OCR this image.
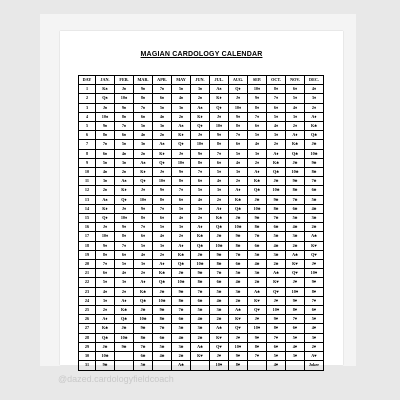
MAGIAN CARDOLOGY CALENDAR
DAY	JAN.	FEB.	MAR.	APR.	MAY	JUN.	JUL.	AUG.	SEP.	OCT.	NOV.	DEC.
1	K♠	J♠	9♠	7♠	5♠	3♠	A♠	Q♦	10♦	8♦	6♦	4♦
2	Q♠	10♠	8♠	6♠	4♠	2♠	K♦	J♦	9♦	7♦	5♦	3♦
3	J♠	9♠	7♠	5♠	3♠	A♠	Q♦	10♦	8♦	6♦	4♦	2♦
4	10♠	8♠	6♠	4♠	2♠	K♦	J♦	9♦	7♦	5♦	3♦	A♦
5	9♠	7♠	5♠	3♠	A♠	Q♦	10♦	8♦	6♦	4♦	2♦	K♣
6	8♠	6♠	4♠	2♠	K♦	J♦	9♦	7♦	5♦	3♦	A♦	Q♣
7	7♠	5♠	3♠	A♠	Q♦	10♦	8♦	6♦	4♦	2♦	K♣	J♣
8	6♠	4♠	2♠	K♦	J♦	9♦	7♦	5♦	3♦	A♦	Q♣	10♣
9	5♠	3♠	A♠	Q♦	10♦	8♦	6♦	4♦	2♦	K♣	J♣	9♣
10	4♠	2♠	K♦	J♦	9♦	7♦	5♦	3♦	A♦	Q♣	10♣	8♣
11	3♠	A♠	Q♦	10♦	8♦	6♦	4♦	2♦	K♣	J♣	9♣	7♣
12	2♠	K♦	J♦	9♦	7♦	5♦	3♦	A♦	Q♣	10♣	8♣	6♣
13	A♠	Q♦	10♦	8♦	6♦	4♦	2♦	K♣	J♣	9♣	7♣	5♣
14	K♦	J♦	9♦	7♦	5♦	3♦	A♦	Q♣	10♣	8♣	6♣	4♣
15	Q♦	10♦	8♦	6♦	4♦	2♦	K♣	J♣	9♣	7♣	5♣	3♣
16	J♦	9♦	7♦	5♦	3♦	A♦	Q♣	10♣	8♣	6♣	4♣	2♣
17	10♦	8♦	6♦	4♦	2♦	K♣	J♣	9♣	7♣	5♣	3♣	A♣
18	9♦	7♦	5♦	3♦	A♦	Q♣	10♣	8♣	6♣	4♣	2♣	K♥
19	8♦	6♦	4♦	2♦	K♣	J♣	9♣	7♣	5♣	3♣	A♣	Q♥
20	7♦	5♦	3♦	A♦	Q♣	10♣	8♣	6♣	4♣	2♣	K♥	J♥
21	6♦	4♦	2♦	K♣	J♣	9♣	7♣	5♣	3♣	A♣	Q♥	10♥
22	5♦	3♦	A♦	Q♣	10♣	8♣	6♣	4♣	2♣	K♥	J♥	9♥
23	4♦	2♦	K♣	J♣	9♣	7♣	5♣	3♣	A♣	Q♥	10♥	8♥
24	3♦	A♦	Q♣	10♣	8♣	6♣	4♣	2♣	K♥	J♥	9♥	7♥
25	2♦	K♣	J♣	9♣	7♣	5♣	3♣	A♣	Q♥	10♥	8♥	6♥
26	A♦	Q♣	10♣	8♣	6♣	4♣	2♣	K♥	J♥	9♥	7♥	5♥
27	K♣	J♣	9♣	7♣	5♣	3♣	A♣	Q♥	10♥	8♥	6♥	4♥
28	Q♣	10♣	8♣	6♣	4♣	2♣	K♥	J♥	9♥	7♥	5♥	3♥
29	J♣	9♣	7♣	5♣	3♣	A♣	Q♥	10♥	8♥	6♥	4♥	2♥
30	10♣		6♣	4♣	2♣	K♥	J♥	9♥	7♥	5♥	3♥	A♥
31	9♣		5♣		A♣		10♥	8♥		4♥		Joker
@dazed.cardologyfieldcoach
